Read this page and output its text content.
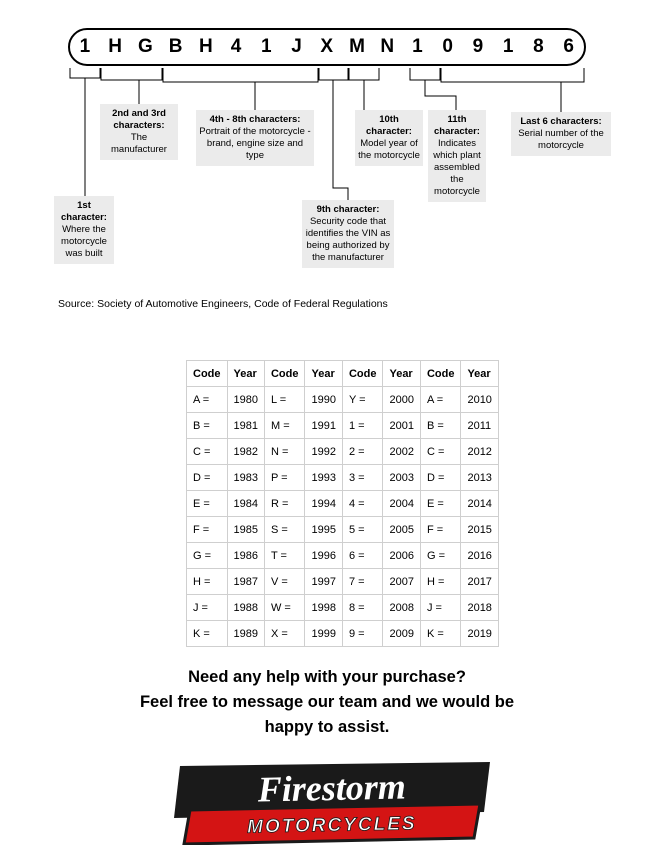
1 H G B H 4	1	J X M N 1	0	9	1	8	6
1st character:
Where the motorcycle was built
2nd and 3rd characters:
The manufacturer
4th - 8th characters:
Portrait of the motorcycle - brand, engine size and type
9th character:
Security code that identifies the VIN as being authorized by the manufacturer
10th character:
Model year of the motorcycle
11th character:
Indicates which plant assembled the motorcycle
Last 6 characters:
Serial number of the motorcycle
Source: Society of Automotive Engineers, Code of Federal Regulations
Code	Year	Code	Year	Code	Year	Code	Year
A =	1980	L =	1990	Y =	2000	A =	2010
B =	1981	M =	1991	1 =	2001	B =	2011
C =	1982	N =	1992	2 =	2002	C =	2012
D =	1983	P =	1993	3 =	2003	D =	2013
E =	1984	R =	1994	4 =	2004	E =	2014
F =	1985	S =	1995	5 =	2005	F =	2015
G =	1986	T =	1996	6 =	2006	G =	2016
H =	1987	V =	1997	7 =	2007	H =	2017
J =	1988	W =	1998	8 =	2008	J =	2018
K =	1989	X =	1999	9 =	2009	K =	2019
Need any help with your purchase?
Feel free to message our team and we would be
happy to assist.
Firestorm
MOTORCYCLES
